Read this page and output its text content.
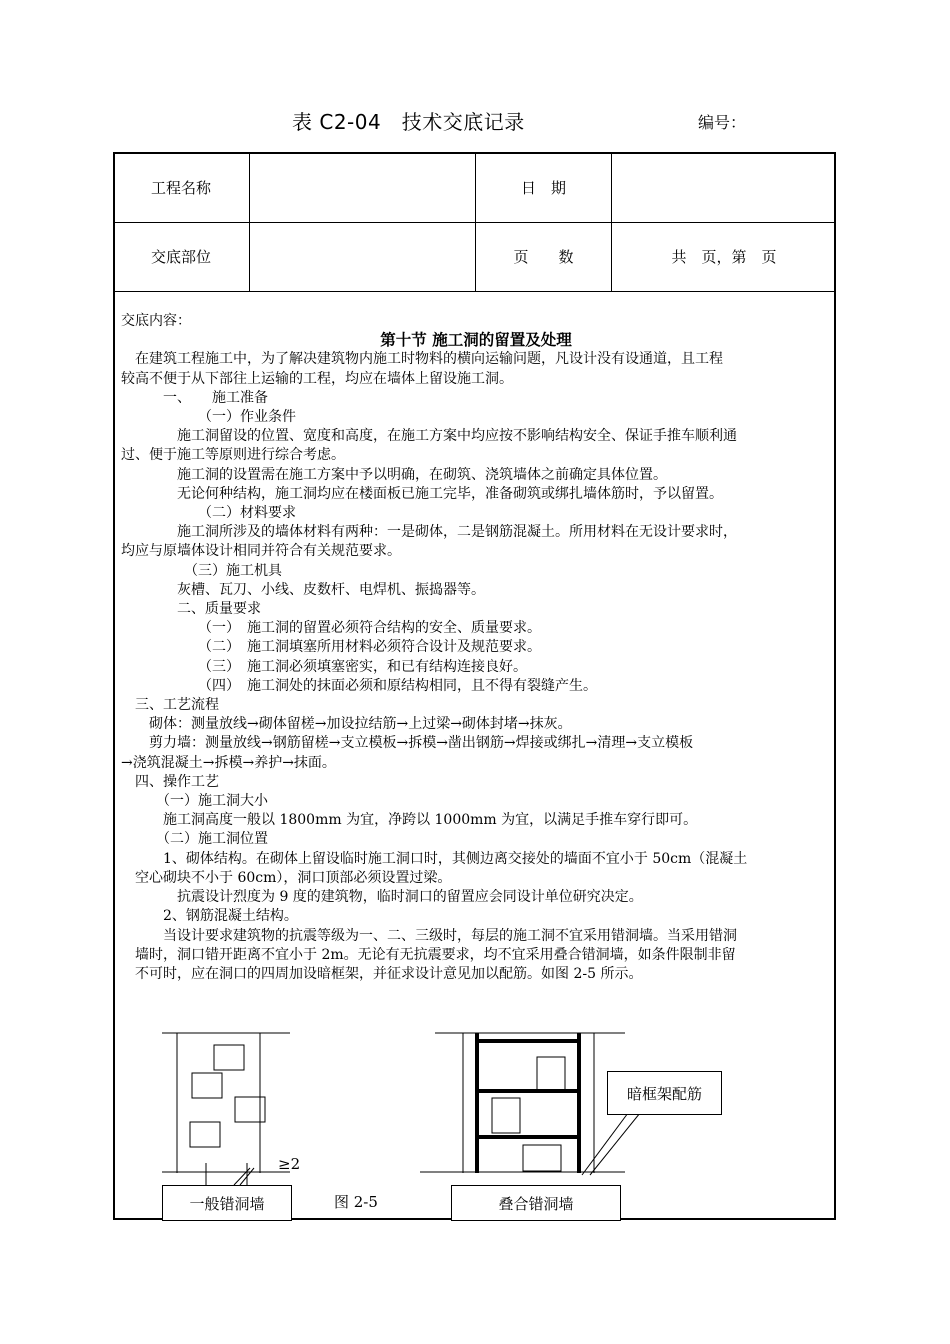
表 C2-04　技术交底记录	编号：
工程名称	日　期
交底部位	页　　数	共　页，第　页

交底内容：

第十节 施工洞的留置及处理

　在建筑工程施工中，为了解决建筑物内施工时物料的横向运输问题，凡设计没有设通道，且工程

较高不便于从下部往上运输的工程，均应在墙体上留设施工洞。

　　　一、　　施工准备

　　　　　　（一）作业条件

　　　　施工洞留设的位置、宽度和高度，在施工方案中均应按不影响结构安全、保证手推车顺利通

过、便于施工等原则进行综合考虑。

　　　　施工洞的设置需在施工方案中予以明确，在砌筑、浇筑墙体之前确定具体位置。

　　　　无论何种结构，施工洞均应在楼面板已施工完毕，准备砌筑或绑扎墙体筋时，予以留置。

　　　　　　（二）材料要求

　　　　施工洞所涉及的墙体材料有两种：一是砌体，二是钢筋混凝土。所用材料在无设计要求时，

均应与原墙体设计相同并符合有关规范要求。

　　　　　（三）施工机具

　　　　灰槽、瓦刀、小线、皮数杆、电焊机、振捣器等。

　　　　二、质量要求

　　　　　　（一）　施工洞的留置必须符合结构的安全、质量要求。

　　　　　　（二）　施工洞填塞所用材料必须符合设计及规范要求。

　　　　　　（三）　施工洞必须填塞密实，和已有结构连接良好。

　　　　　　（四）　施工洞处的抹面必须和原结构相同，且不得有裂缝产生。

　三、工艺流程

　　砌体：测量放线→砌体留槎→加设拉结筋→上过梁→砌体封堵→抹灰。

　　剪力墙：测量放线→钢筋留槎→支立模板→拆模→凿出钢筋→焊接或绑扎→清理→支立模板

→浇筑混凝土→拆模→养护→抹面。

　四、操作工艺

　　　（一）施工洞大小

　　　施工洞高度一般以 1800mm 为宜，净跨以 1000mm 为宜，以满足手推车穿行即可。

　　　（二）施工洞位置

　　　1、砌体结构。在砌体上留设临时施工洞口时，其侧边离交接处的墙面不宜小于 50cm（混凝土

　空心砌块不小于 60cm），洞口顶部必须设置过梁。

　　　　抗震设计烈度为 9 度的建筑物，临时洞口的留置应会同设计单位研究决定。

　　　2、钢筋混凝土结构。

　　　当设计要求建筑物的抗震等级为一、二、三级时，每层的施工洞不宜采用错洞墙。当采用错洞

　墙时，洞口错开距离不宜小于 2m。无论有无抗震要求，均不宜采用叠合错洞墙，如条件限制非留

　不可时，应在洞口的四周加设暗框架，并征求设计意见加以配筋。如图 2-5 所示。

暗框架配筋
≥2
一般错洞墙	图 2-5	叠合错洞墙
